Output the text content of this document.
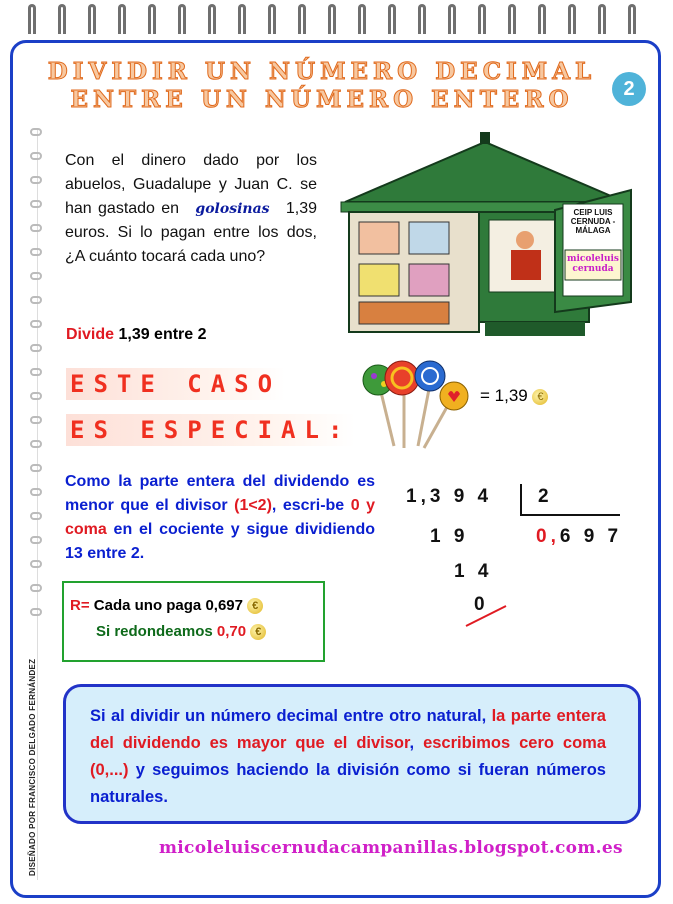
DIVIDIR UN NÚMERO DECIMAL
ENTRE UN NÚMERO ENTERO	2
Con el dinero dado por los abuelos, Guadalupe y Juan C. se han gastado en golosinas 1,39 euros. Si lo pagan entre los dos, ¿A cuánto tocará cada uno?
CEIP LUIS CERNUDA - MÁLAGA
micoleluis cernuda
Divide 1,39 entre 2
ESTE CASO
ES ESPECIAL:
= 1,39 €
Como la parte entera del dividendo es menor que el divisor (1<2), escri-be 0 y coma en el cociente y sigue dividiendo 13 entre 2.
1,3 9 4 2
0,6 9 7
1 9
1 4
0
R= Cada uno paga 0,697 €
Si redondeamos 0,70 €

Si al dividir un número decimal entre otro natural, la parte entera del dividendo es mayor que el divisor, escribimos cero coma (0,...) y seguimos haciendo la división como si fueran números naturales.

micoleluiscernudacampanillas.blogspot.com.es
DISEÑADO POR FRANCISCO DELGADO FERNÁNDEZ
